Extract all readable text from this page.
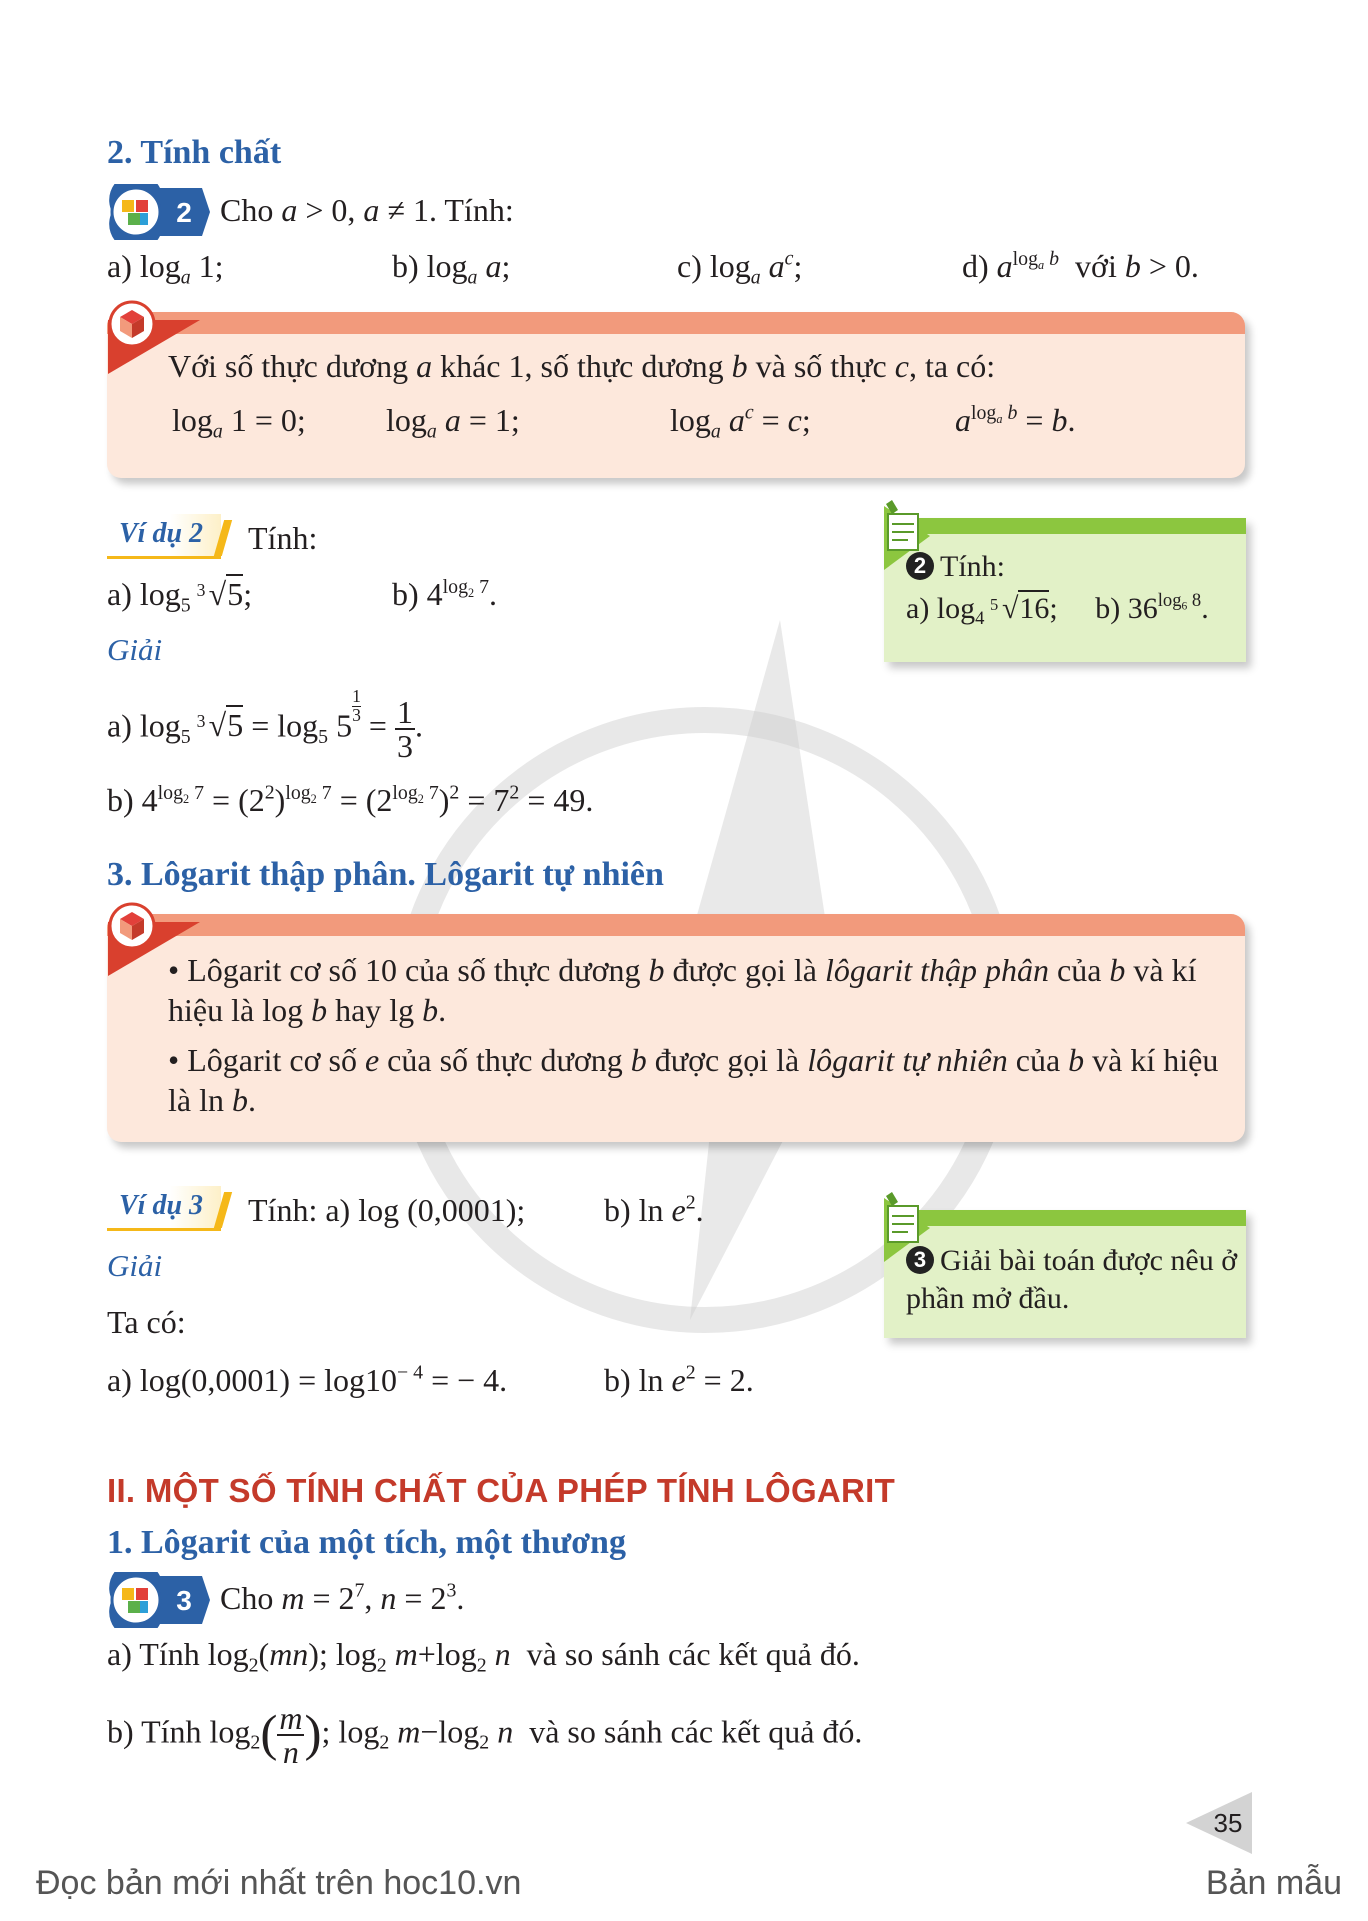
2. Tính chất
2 Cho a > 0, a ≠ 1. Tính:
a) $\log_a 1$;	b) $\log_a a$;	c) $\log_a a^c$;	d) $a^{log_a b}$  với b > 0.
Với số thực dương a khác 1, số thực dương b và số thực c, ta có:
$\log_a 1 = 0$;	$\log_a a = 1$;	$\log_a a^c = c$;	$a^{log_a b} = b$.
Ví dụ 2	Tính:
a) $\log_5$
3 √5;	b) $4^{log_2 7}$.
Giải
a) $\log_5$
3 $√5 = \log_5 5$
$\frac{1}{3}$
= $\frac{1}{3}$ .
b) $4^{log_2 7} = (2^2)^{log_2 7} = (2^{log_2 7})^2 = 7^2 = 49$.
2 Tính:
a) $\log_4$
5 √16;     b) $36^{log_6 8}$.
3. Lôgarit thập phân. Lôgarit tự nhiên
• Lôgarit cơ số 10 của số thực dương b được gọi là lôgarit thập phân của b và kí hiệu là log b hay lg b.
• Lôgarit cơ số e của số thực dương b được gọi là lôgarit tự nhiên của b và kí hiệu là ln b.
Ví dụ 3	Tính: a) log (0,0001); b) $\ln e^2$.
Giải
Ta có:
a) $\log(0,0001) = \log 10^{- 4}$ = − 4.	b) $\ln e^2 = 2$.
3 Giải bài toán được nêu ở phần mở đầu.
II. MỘT SỐ TÍNH CHẤT CỦA PHÉP TÍNH LÔGARIT
1. Lôgarit của một tích, một thương
3 Cho $m = 2^7$, $n = 2^3$.
a) Tính $\log_2(mn)$; $\log_2 m+\log_2$ n  và so sánh các kết quả đó.
b) Tính $\log_2( \frac{m}{n}$ ); $\log_2 m-\log_2$ n  và so sánh các kết quả đó.
35
Đọc bản mới nhất trên hoc10.vn	Bản mẫu
